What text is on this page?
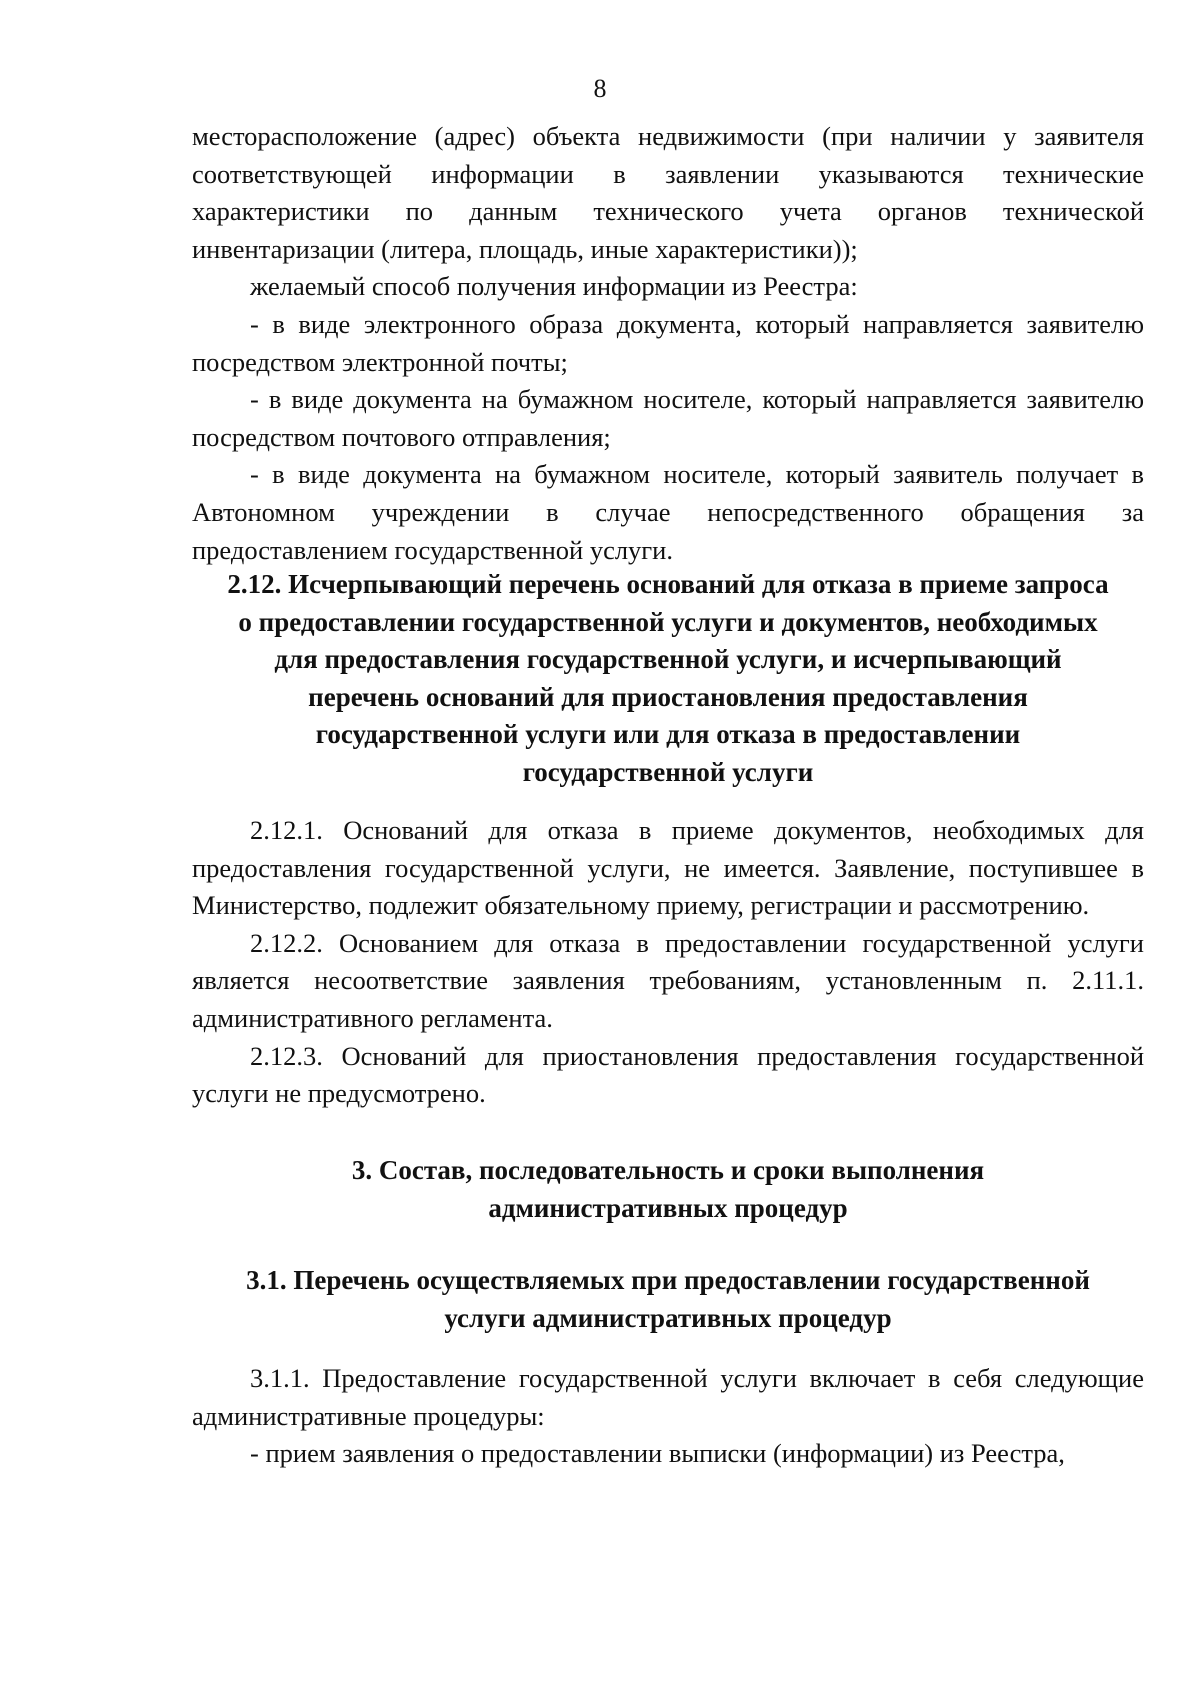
8

месторасположение (адрес) объекта недвижимости (при наличии у заявителя соответствующей информации в заявлении указываются технические характеристики по данным технического учета органов технической инвентаризации (литера, площадь, иные характеристики));

желаемый способ получения информации из Реестра:

- в виде электронного образа документа, который направляется заявителю посредством электронной почты;

- в виде документа на бумажном носителе, который направляется заявителю посредством почтового отправления;

- в виде документа на бумажном носителе, который заявитель получает в Автономном учреждении в случае непосредственного обращения за предоставлением государственной услуги.

2.12. Исчерпывающий перечень оснований для отказа в приеме запроса
о предоставлении государственной услуги и документов, необходимых
для предоставления государственной услуги, и исчерпывающий
перечень оснований для приостановления предоставления
государственной услуги или для отказа в предоставлении
государственной услуги

2.12.1. Оснований для отказа в приеме документов, необходимых для предоставления государственной услуги, не имеется. Заявление, поступившее в Министерство, подлежит обязательному приему, регистрации и рассмотрению.

2.12.2. Основанием для отказа в предоставлении государственной услуги является несоответствие заявления требованиям, установленным п. 2.11.1. административного регламента.

2.12.3. Оснований для приостановления предоставления государственной услуги не предусмотрено.

3. Состав, последовательность и сроки выполнения
административных процедур
3.1. Перечень осуществляемых при предоставлении государственной
услуги административных процедур

3.1.1. Предоставление государственной услуги включает в себя следующие административные процедуры:

- прием заявления о предоставлении выписки (информации) из Реестра,
